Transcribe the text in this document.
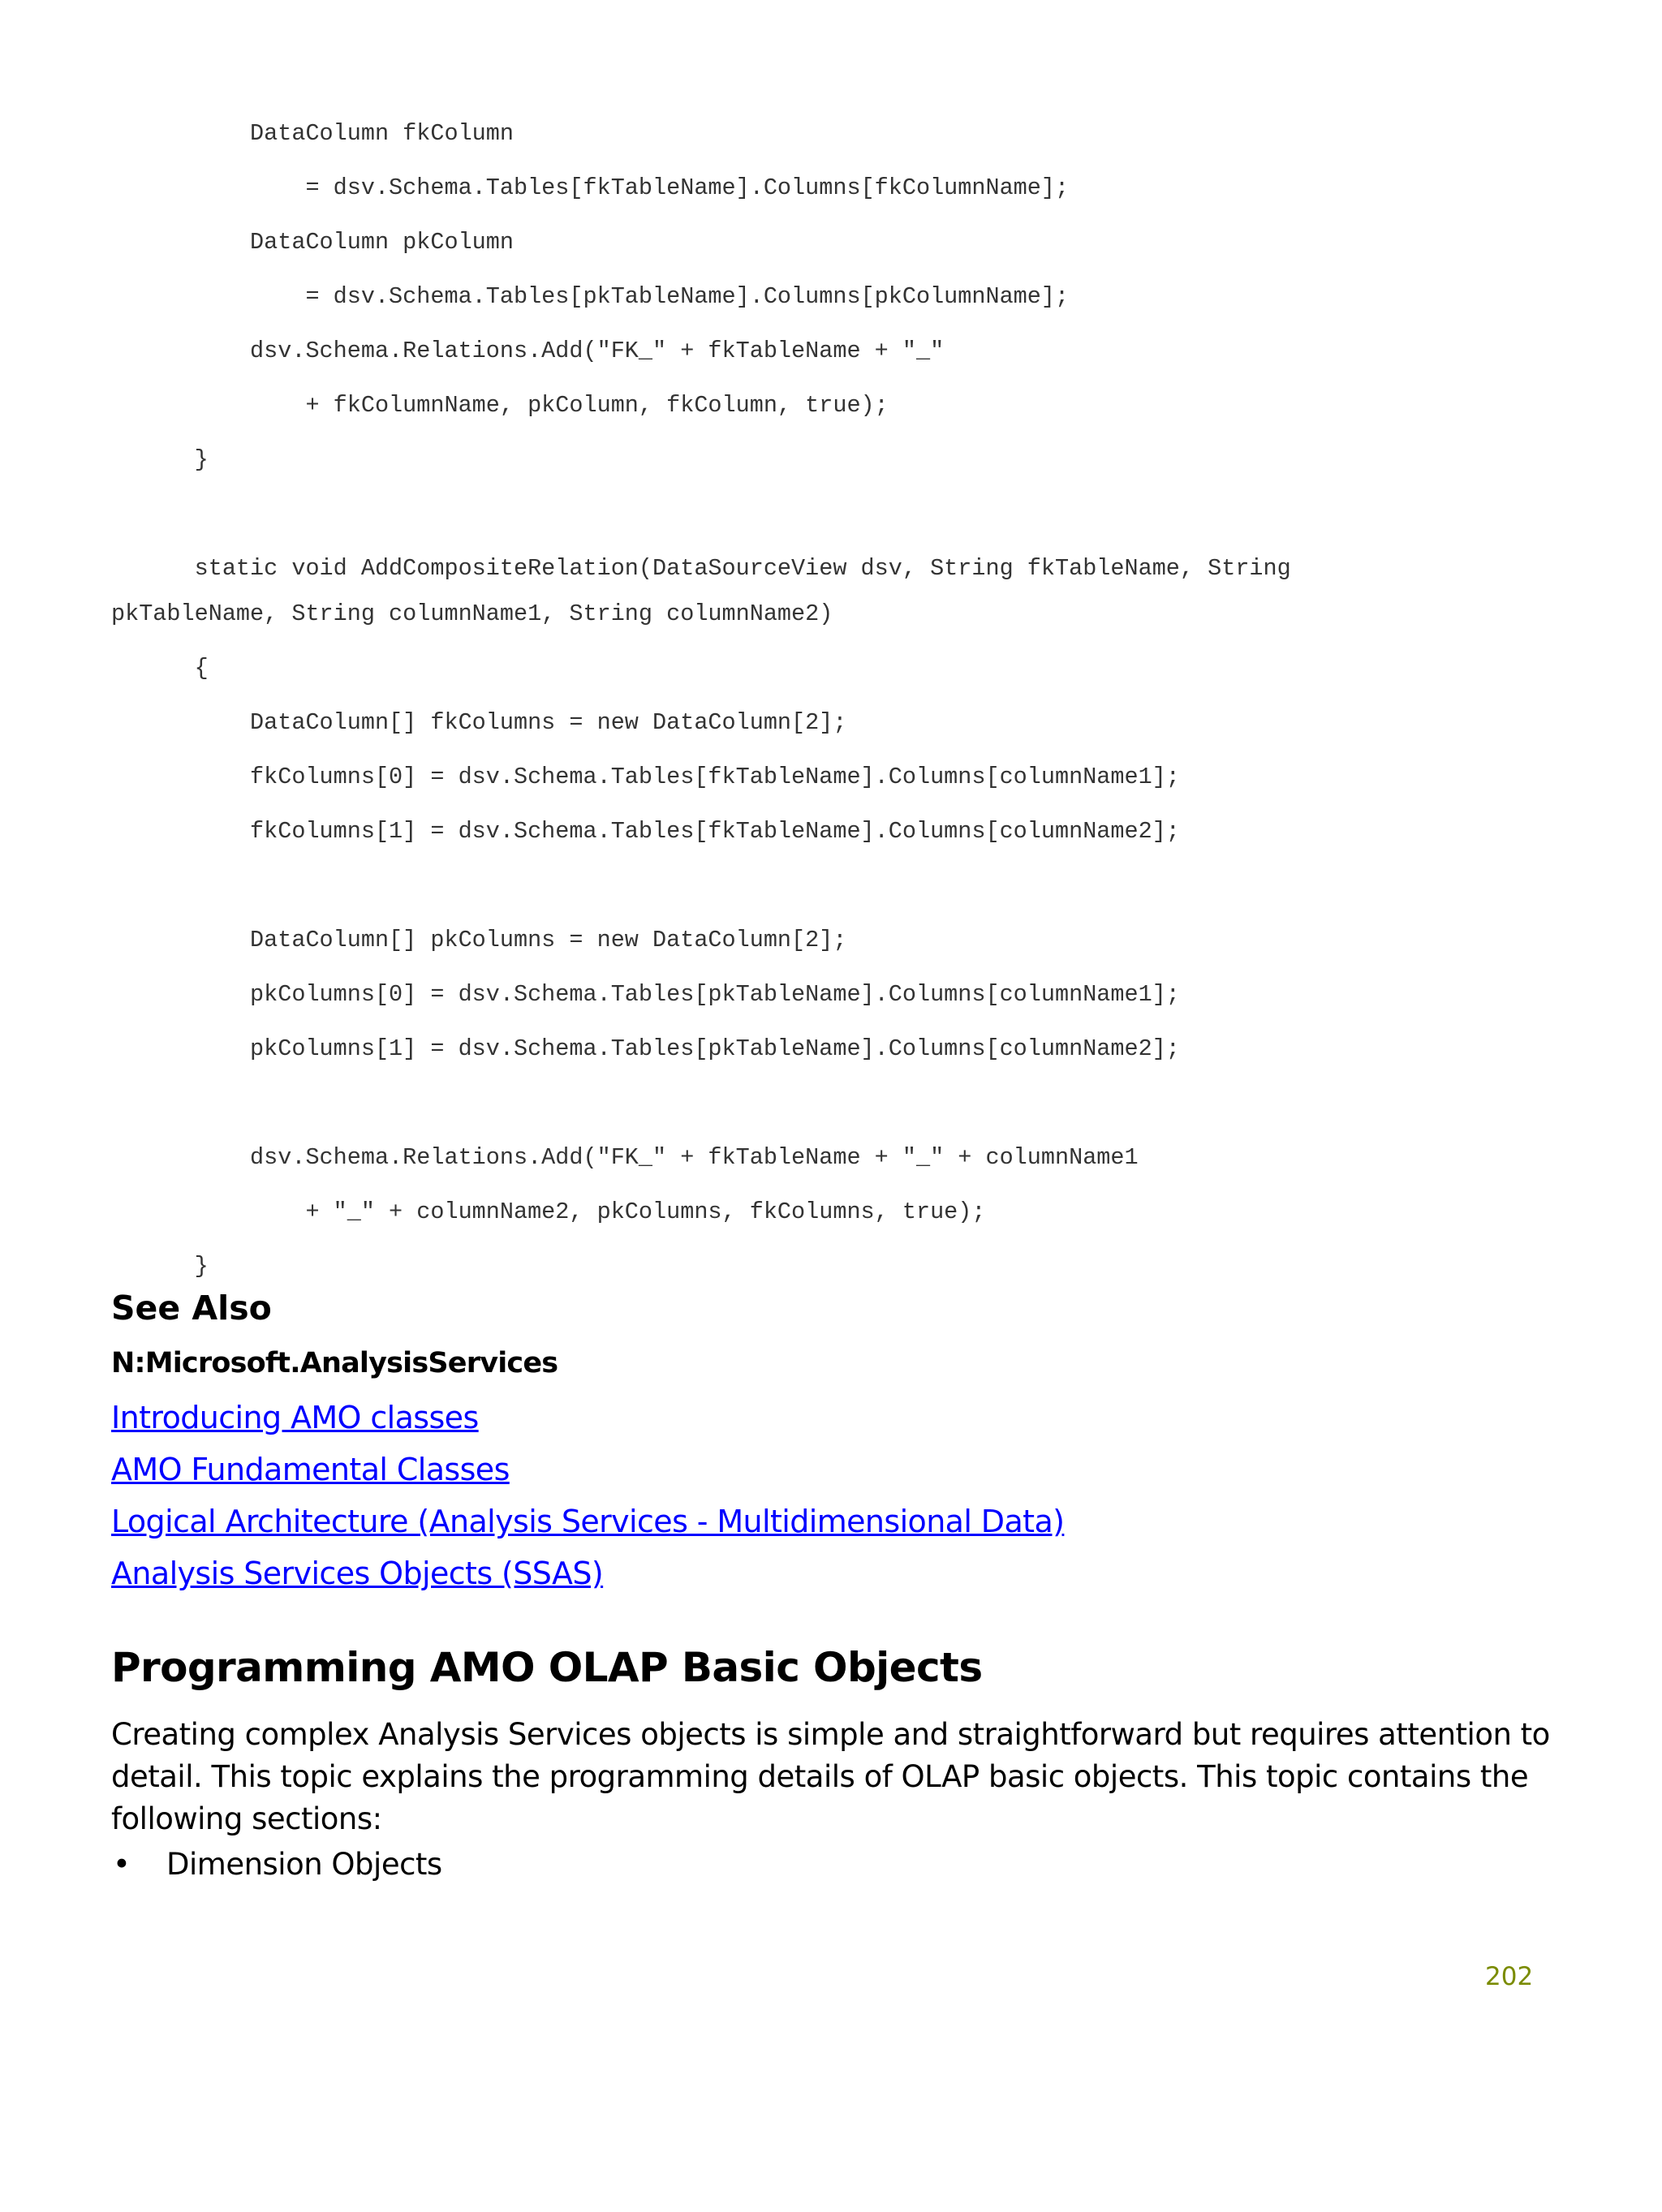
DataColumn fkColumn
= dsv.Schema.Tables[fkTableName].Columns[fkColumnName];
DataColumn pkColumn
= dsv.Schema.Tables[pkTableName].Columns[pkColumnName];
dsv.Schema.Relations.Add("FK_" + fkTableName + "_"
+ fkColumnName, pkColumn, fkColumn, true);
}
static void AddCompositeRelation(DataSourceView dsv, String fkTableName, String
pkTableName, String columnName1, String columnName2)
{
DataColumn[] fkColumns = new DataColumn[2];
fkColumns[0] = dsv.Schema.Tables[fkTableName].Columns[columnName1];
fkColumns[1] = dsv.Schema.Tables[fkTableName].Columns[columnName2];
DataColumn[] pkColumns = new DataColumn[2];
pkColumns[0] = dsv.Schema.Tables[pkTableName].Columns[columnName1];
pkColumns[1] = dsv.Schema.Tables[pkTableName].Columns[columnName2];
dsv.Schema.Relations.Add("FK_" + fkTableName + "_" + columnName1
+ "_" + columnName2, pkColumns, fkColumns, true);
}
See Also
N:Microsoft.AnalysisServices
Introducing AMO classes
AMO Fundamental Classes
Logical Architecture (Analysis Services - Multidimensional Data)
Analysis Services Objects (SSAS)
Programming AMO OLAP Basic Objects

Creating complex Analysis Services objects is simple and straightforward but requires attention to detail. This topic explains the programming details of OLAP basic objects. This topic contains the following sections:

• Dimension Objects
202
